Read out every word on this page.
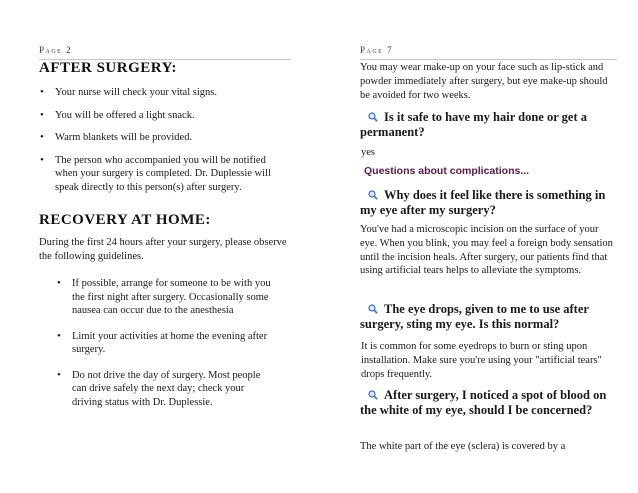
Page 2
AFTER SURGERY:
• Your nurse will check your vital signs.
• You will be offered a light snack.
• Warm blankets will be provided.
• The person who accompanied you will be notified when your surgery is completed. Dr. Duplessie will speak directly to this person(s) after surgery.
RECOVERY AT HOME:

During the first 24 hours after your surgery, please observe the following guidelines.

• If possible, arrange for someone to be with you the first night after surgery. Occasionally some nausea can occur due to the anesthesia
• Limit your activities at home the evening after surgery.
• Do not drive the day of surgery. Most people can drive safely the next day; check your driving status with Dr. Duplessie.
Page 7

You may wear make-up on your face such as lip-stick and powder immediately after surgery, but eye make-up should be avoided for two weeks.

Is it safe to have my hair done or get a permanent?

yes

Questions about complications...

Why does it feel like there is something in my eye after my surgery?

You've had a microscopic incision on the surface of your eye. When you blink, you may feel a foreign body sensation until the incision heals. After surgery, our patients find that using artificial tears helps to alleviate the symptoms.

The eye drops, given to me to use after surgery, sting my eye. Is this normal?

It is common for some eyedrops to burn or sting upon installation. Make sure you're using your "artificial tears" drops frequently.

After surgery, I noticed a spot of blood on the white of my eye, should I be concerned?

The white part of the eye (sclera) is covered by a
